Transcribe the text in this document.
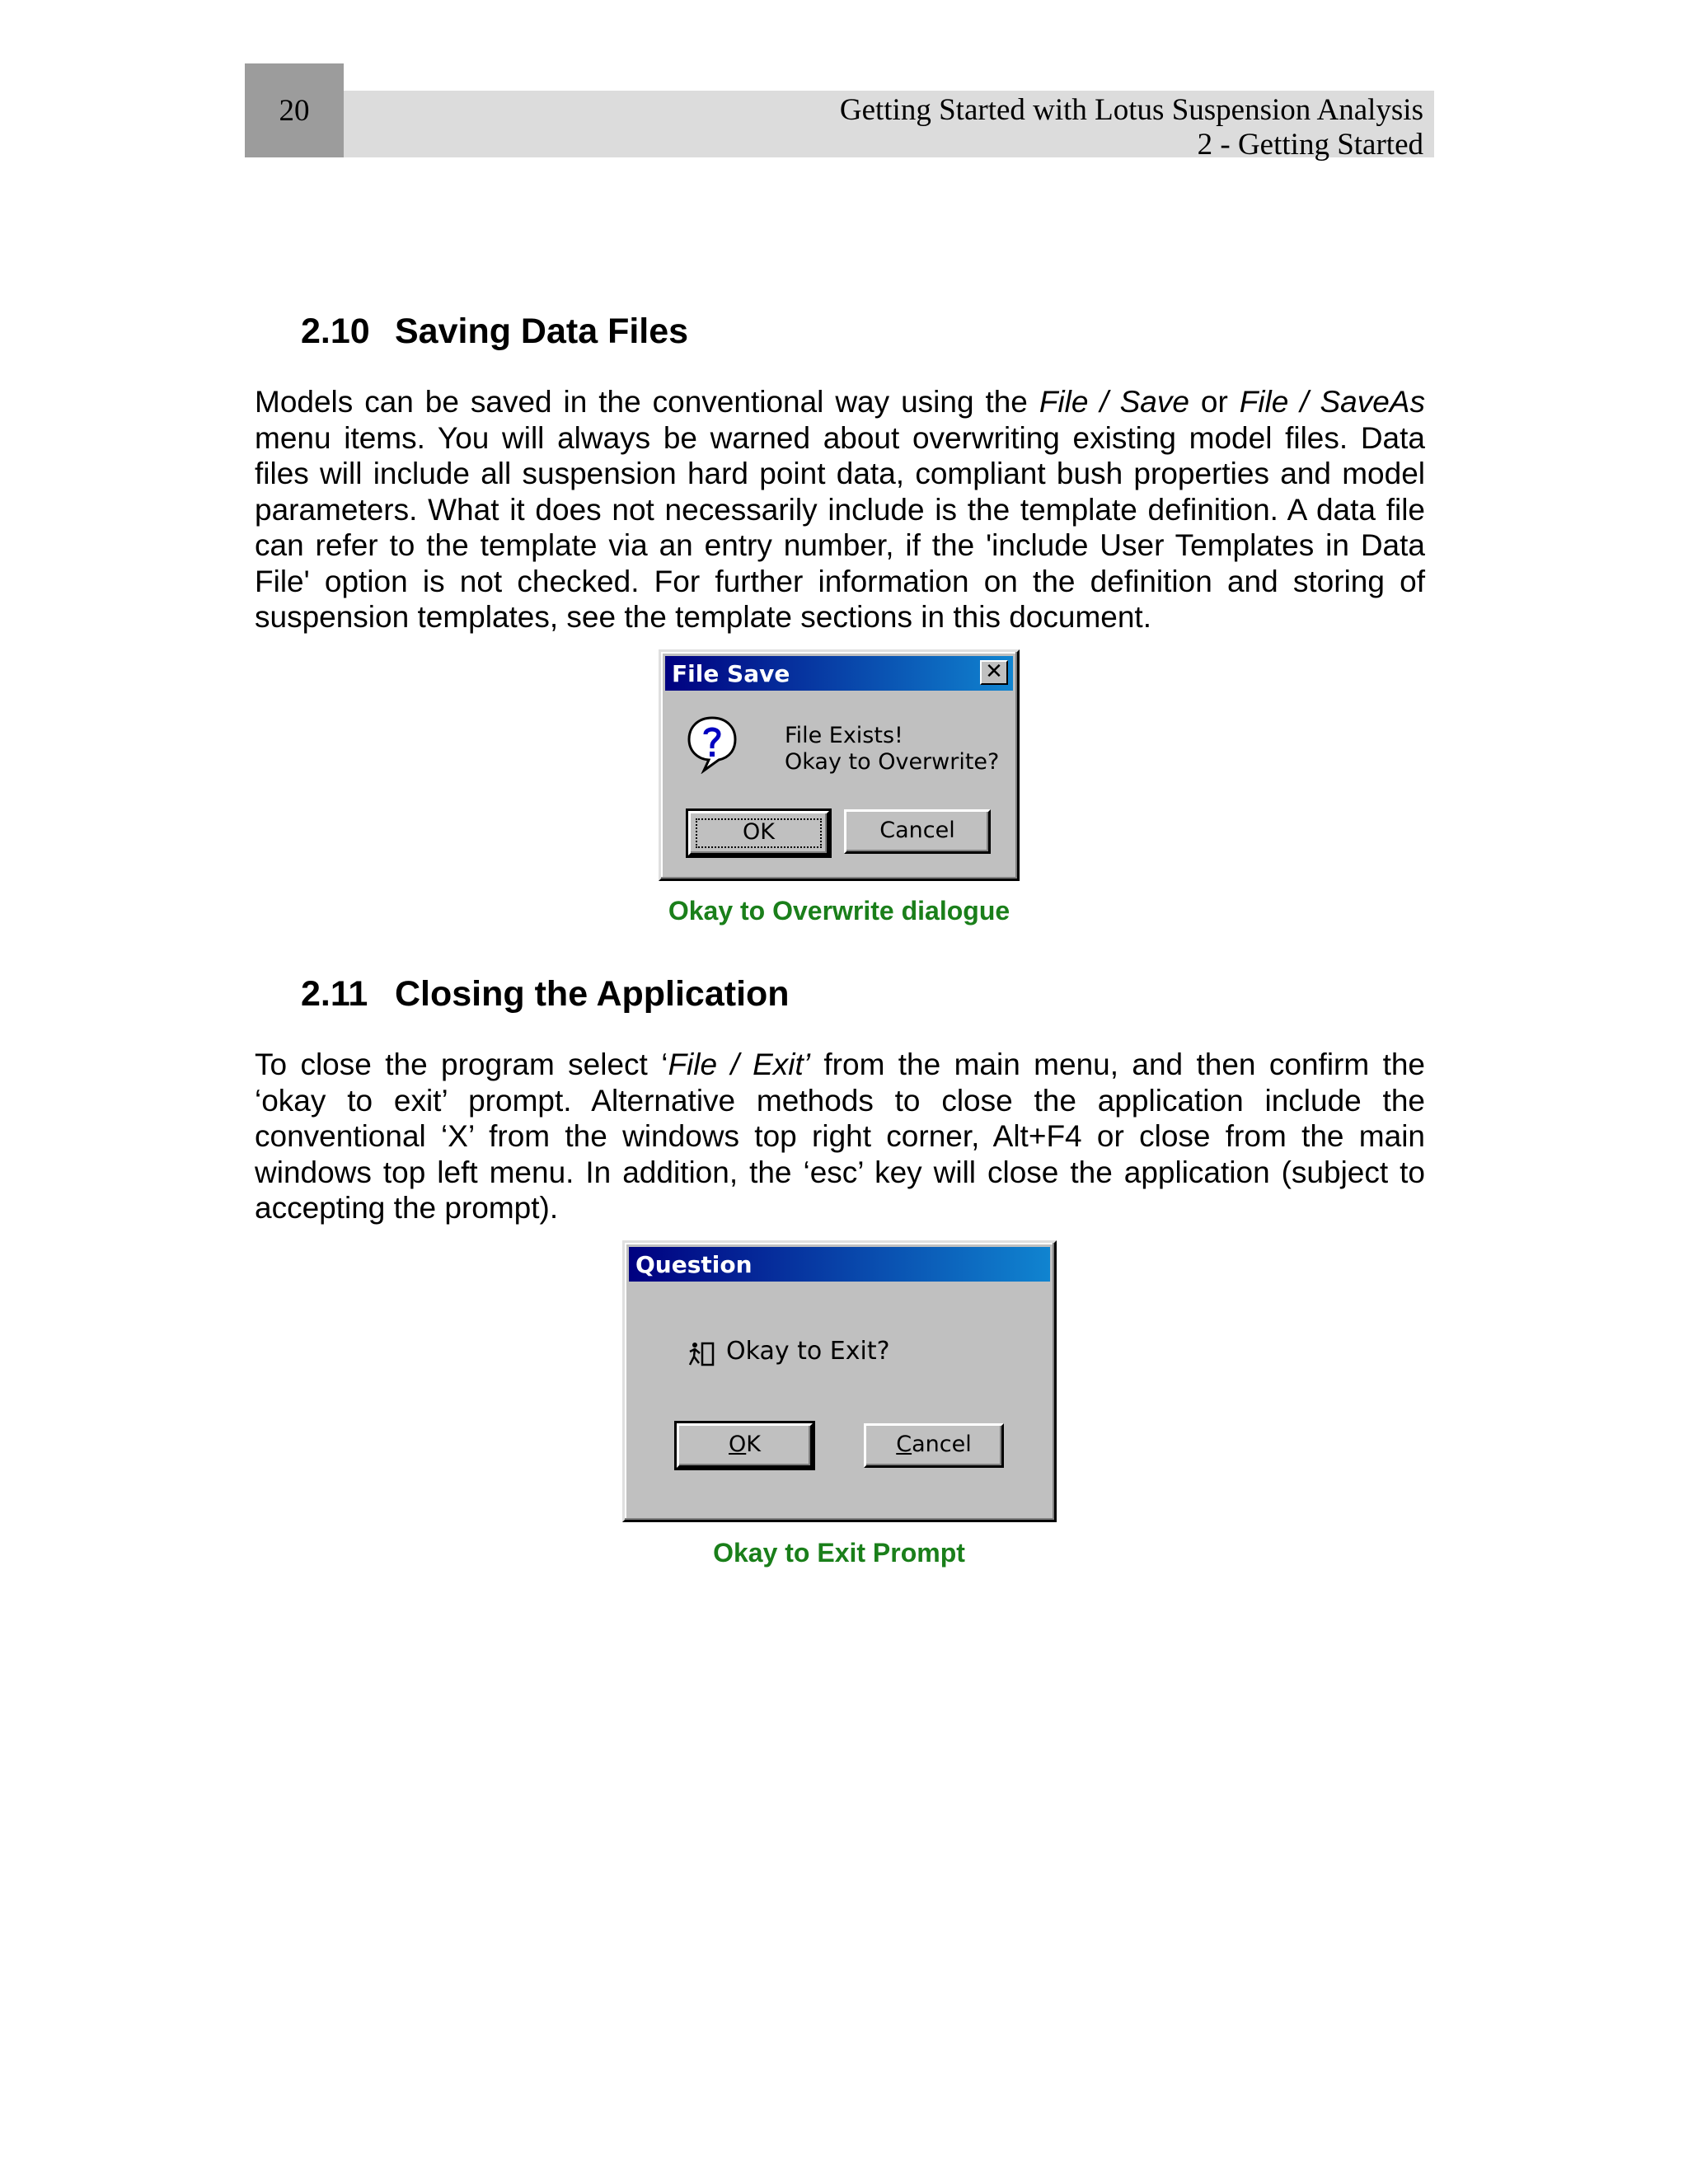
20	Getting Started with Lotus Suspension Analysis
2 - Getting Started
2.10 Saving Data Files
Models can be saved in the conventional way using the File / Save or File / SaveAs menu items. You will always be warned about overwriting existing model files. Data files will include all suspension hard point data, compliant bush properties and model parameters. What it does not necessarily include is the template definition. A data file can refer to the template via an entry number, if the 'include User Templates in Data File' option is not checked. For further information on the definition and storing of suspension templates, see the template sections in this document.
File Save	✕
File Exists!
Okay to Overwrite?
OK	Cancel
Okay to Overwrite dialogue
2.11 Closing the Application
To close the program select ‘File / Exit’ from the main menu, and then confirm the ‘okay to exit’ prompt. Alternative methods to close the application include the conventional ‘X’ from the windows top right corner, Alt+F4 or close from the main windows top left menu. In addition, the ‘esc’ key will close the application (subject to accepting the prompt).
Question
Okay to Exit?
OK	Cancel
Okay to Exit Prompt
